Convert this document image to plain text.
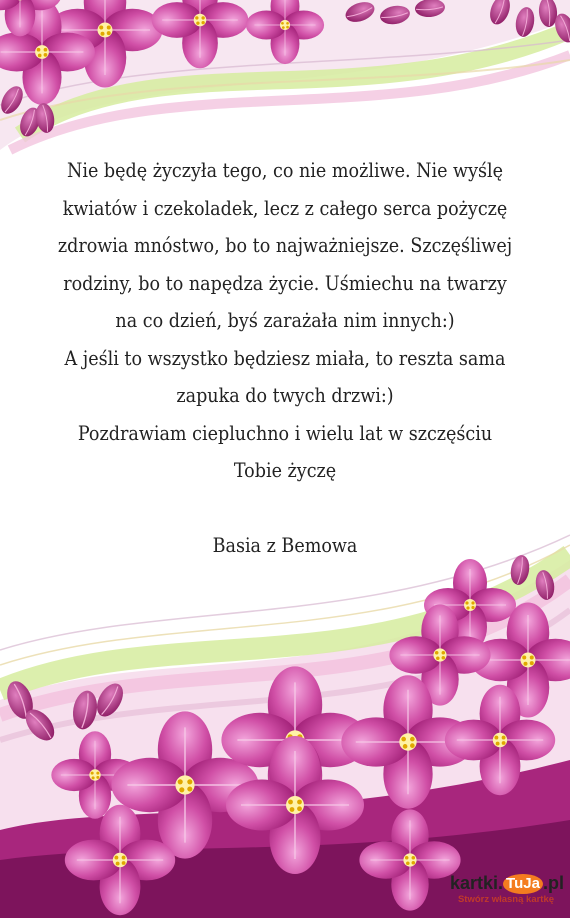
Nie będę życzyła tego, co nie możliwe. Nie wyślę kwiatów i czekoladek, lecz z całego serca pożyczę zdrowia mnóstwo, bo to najważniejsze. Szczęśliwej rodziny, bo to napędza życie. Uśmiechu na twarzy na co dzień, byś zarażała nim innych:)
A jeśli to wszystko będziesz miała, to reszta sama zapuka do twych drzwi:)
Pozdrawiam ciepluchno i wielu lat w szczęściu Tobie życzę
Basia z Bemowa
kartki. TuJa .pl
Stwórz własną kartkę
